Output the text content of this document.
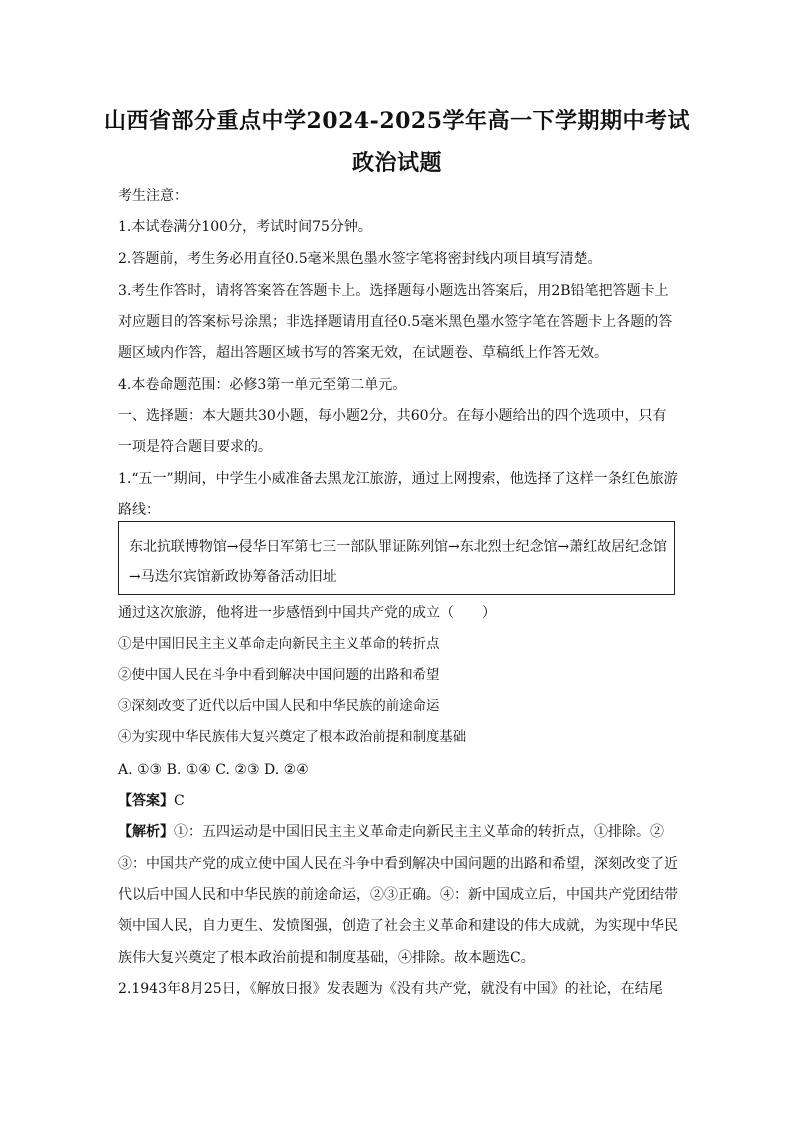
山西省部分重点中学2024-2025学年高一下学期期中考试
政治试题
考生注意：
1.本试卷满分100分，考试时间75分钟。
2.答题前，考生务必用直径0.5毫米黑色墨水签字笔将密封线内项目填写清楚。
3.考生作答时，请将答案答在答题卡上。选择题每小题选出答案后，用2B铅笔把答题卡上
对应题目的答案标号涂黑；非选择题请用直径0.5毫米黑色墨水签字笔在答题卡上各题的答
题区域内作答，超出答题区域书写的答案无效，在试题卷、草稿纸上作答无效。
4.本卷命题范围：必修3第一单元至第二单元。
一、选择题：本大题共30小题，每小题2分，共60分。在每小题给出的四个选项中，只有
一项是符合题目要求的。
1.“五一”期间，中学生小威准备去黑龙江旅游，通过上网搜索，他选择了这样一条红色旅游
路线：
东北抗联博物馆→侵华日军第七三一部队罪证陈列馆→东北烈士纪念馆→萧红故居纪念馆
→马迭尔宾馆新政协筹备活动旧址
通过这次旅游，他将进一步感悟到中国共产党的成立（　　）
①是中国旧民主主义革命走向新民主主义革命的转折点
②使中国人民在斗争中看到解决中国问题的出路和希望
③深刻改变了近代以后中国人民和中华民族的前途命运
④为实现中华民族伟大复兴奠定了根本政治前提和制度基础
A. ①③ B. ①④ C. ②③ D. ②④
【答案】C
【解析】①：五四运动是中国旧民主主义革命走向新民主主义革命的转折点，①排除。②
③：中国共产党的成立使中国人民在斗争中看到解决中国问题的出路和希望，深刻改变了近
代以后中国人民和中华民族的前途命运，②③正确。④：新中国成立后，中国共产党团结带
领中国人民，自力更生、发愤图强，创造了社会主义革命和建设的伟大成就，为实现中华民
族伟大复兴奠定了根本政治前提和制度基础，④排除。故本题选C。
2.1943年8月25日，《解放日报》发表题为《没有共产党，就没有中国》的社论，在结尾
